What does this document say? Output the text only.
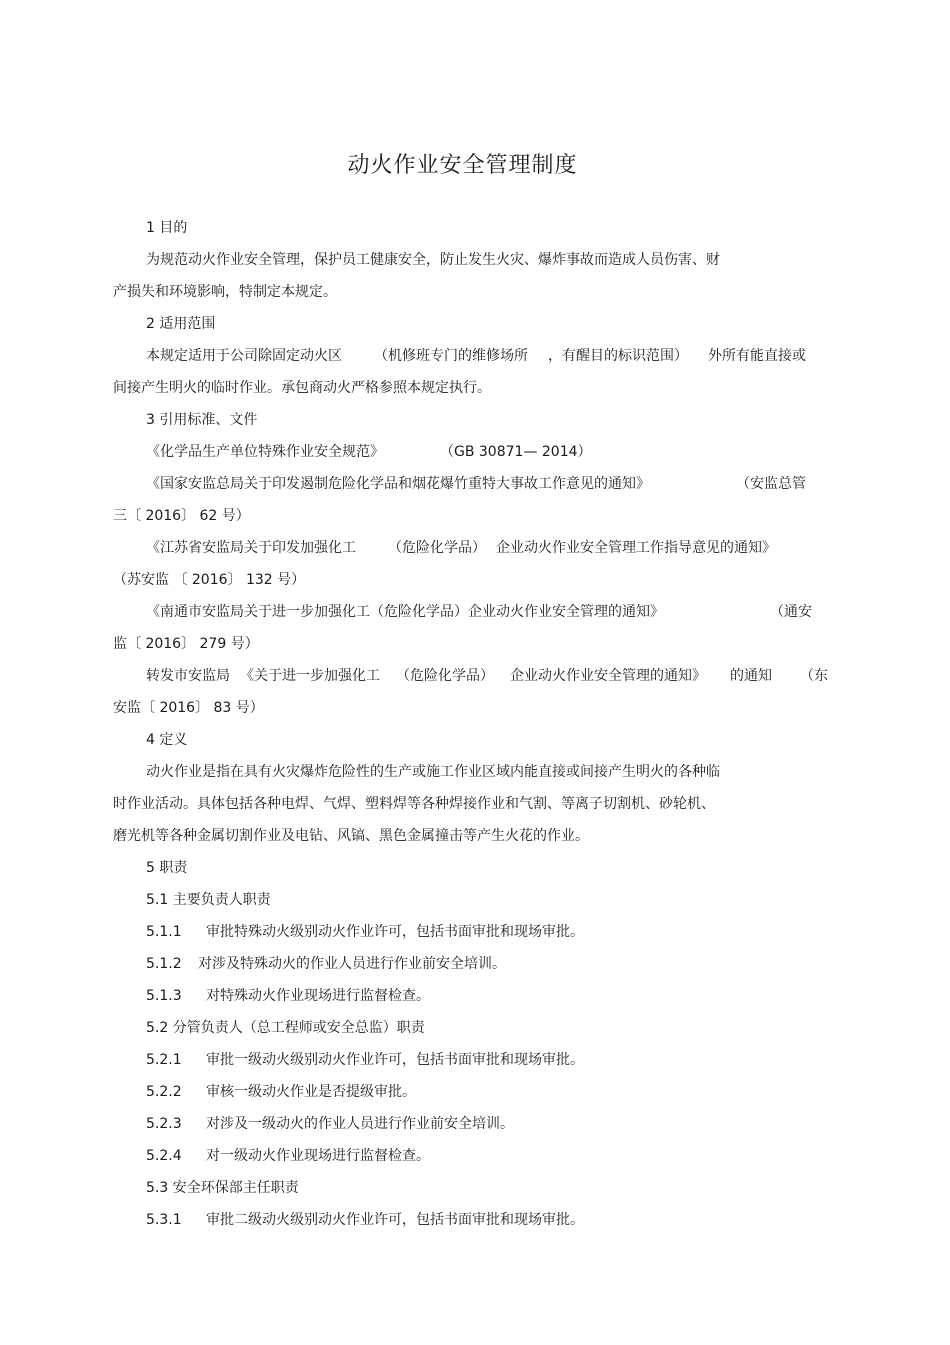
动火作业安全管理制度
1 目的
为规范动火作业安全管理，保护员工健康安全，防止发生火灾、爆炸事故而造成人员伤害、财
产损失和环境影响，特制定本规定。
2 适用范围
本规定适用于公司除固定动火区 （机修班专门的维修场所 ，有醒目的标识范围） 外所有能直接或
间接产生明火的临时作业。承包商动火严格参照本规定执行。
3 引用标准、文件
《化学品生产单位特殊作业安全规范》	（GB 30871— 2014）
《国家安监总局关于印发遏制危险化学品和烟花爆竹重特大事故工作意见的通知》	（安监总管
三〔 2016〕 62 号）
《江苏省安监局关于印发加强化工 （危险化学品） 企业动火作业安全管理工作指导意见的通知》
（苏安监 〔 2016〕 132 号）
《南通市安监局关于进一步加强化工（危险化学品）企业动火作业安全管理的通知》	（通安
监〔 2016〕 279 号）
转发市安监局 《关于进一步加强化工 （危险化学品） 企业动火作业安全管理的通知》 的通知 （东
安监〔 2016〕 83 号）
4 定义
动火作业是指在具有火灾爆炸危险性的生产或施工作业区域内能直接或间接产生明火的各种临
时作业活动。具体包括各种电焊、气焊、塑料焊等各种焊接作业和气割、等离子切割机、砂轮机、
磨光机等各种金属切割作业及电钻、风镐、黑色金属撞击等产生火花的作业。
5 职责
5.1 主要负责人职责
5.1.1 审批特殊动火级别动火作业许可，包括书面审批和现场审批。
5.1.2 对涉及特殊动火的作业人员进行作业前安全培训。
5.1.3 对特殊动火作业现场进行监督检查。
5.2 分管负责人（总工程师或安全总监）职责
5.2.1 审批一级动火级别动火作业许可，包括书面审批和现场审批。
5.2.2 审核一级动火作业是否提级审批。
5.2.3 对涉及一级动火的作业人员进行作业前安全培训。
5.2.4 对一级动火作业现场进行监督检查。
5.3 安全环保部主任职责
5.3.1 审批二级动火级别动火作业许可，包括书面审批和现场审批。
